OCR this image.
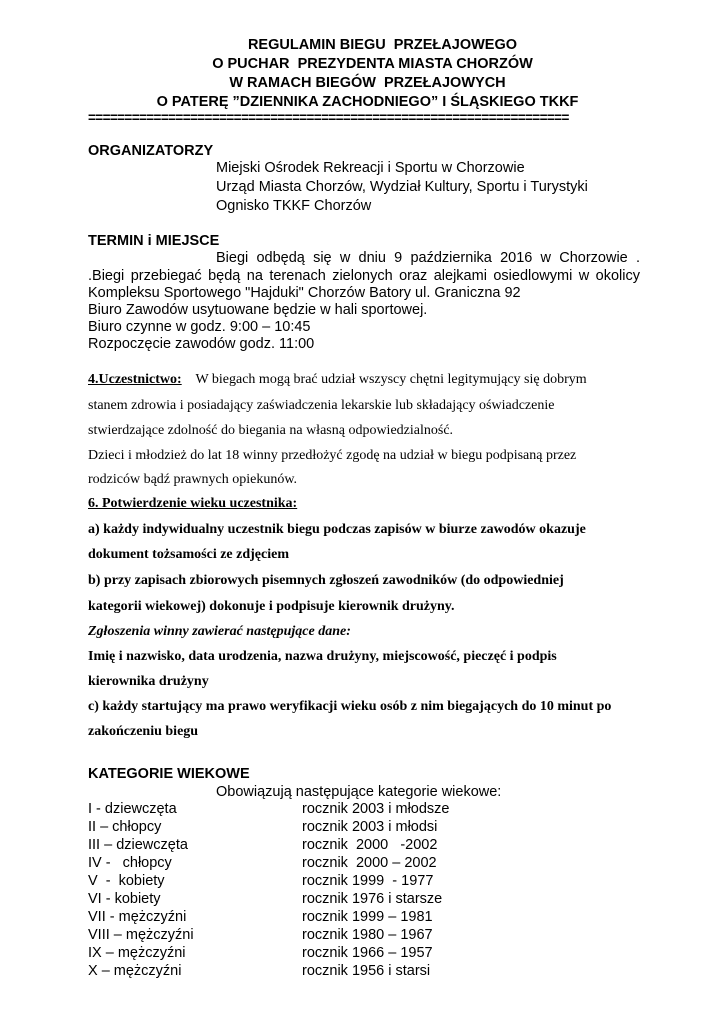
REGULAMIN BIEGU  PRZEŁAJOWEGO
O PUCHAR  PREZYDENTA MIASTA CHORZÓW
W RAMACH BIEGÓW  PRZEŁAJOWYCH
O PATERĘ ”DZIENNIKA ZACHODNIEGO” I ŚLĄSKIEGO TKKF
==================================================================
ORGANIZATORZY
Miejski Ośrodek Rekreacji i Sportu w Chorzowie
Urząd Miasta Chorzów, Wydział Kultury, Sportu i Turystyki
Ognisko TKKF Chorzów
TERMIN i MIEJSCE
Biegi odbędą się w dniu 9 października 2016 w Chorzowie .
.Biegi przebiegać będą na terenach zielonych oraz alejkami osiedlowymi w okolicy
Kompleksu Sportowego "Hajduki" Chorzów Batory ul. Graniczna 92
Biuro Zawodów usytuowane będzie w hali sportowej.
Biuro czynne w godz. 9:00 – 10:45
Rozpoczęcie zawodów godz. 11:00
4.Uczestnictwo: W biegach mogą brać udział wszyscy chętni legitymujący się dobrym
stanem zdrowia i posiadający zaświadczenia lekarskie lub składający oświadczenie
stwierdzające zdolność do biegania na własną odpowiedzialność.
Dzieci i młodzież do lat 18 winny przedłożyć zgodę na udział w biegu podpisaną przez
rodziców bądź prawnych opiekunów.
6. Potwierdzenie wieku uczestnika:
a) każdy indywidualny uczestnik biegu podczas zapisów w biurze zawodów okazuje
dokument tożsamości ze zdjęciem
b) przy zapisach zbiorowych pisemnych zgłoszeń zawodników (do odpowiedniej
kategorii wiekowej) dokonuje i podpisuje kierownik drużyny.
Zgłoszenia winny zawierać następujące dane:
Imię i nazwisko, data urodzenia, nazwa drużyny, miejscowość, pieczęć i podpis
kierownika drużyny
c) każdy startujący ma prawo weryfikacji wieku osób z nim biegających do 10 minut po
zakończeniu biegu
KATEGORIE WIEKOWE
Obowiązują następujące kategorie wiekowe:
I - dziewczęta	rocznik 2003 i młodsze
II – chłopcy	rocznik 2003 i młodsi
III – dziewczęta	rocznik  2000   -2002
IV -   chłopcy	rocznik  2000 – 2002
V  -  kobiety	rocznik 1999  - 1977
VI - kobiety	rocznik 1976 i starsze
VII - mężczyźni	rocznik 1999 – 1981
VIII – mężczyźni	rocznik 1980 – 1967
IX – mężczyźni	rocznik 1966 – 1957
X – mężczyźni	rocznik 1956 i starsi
